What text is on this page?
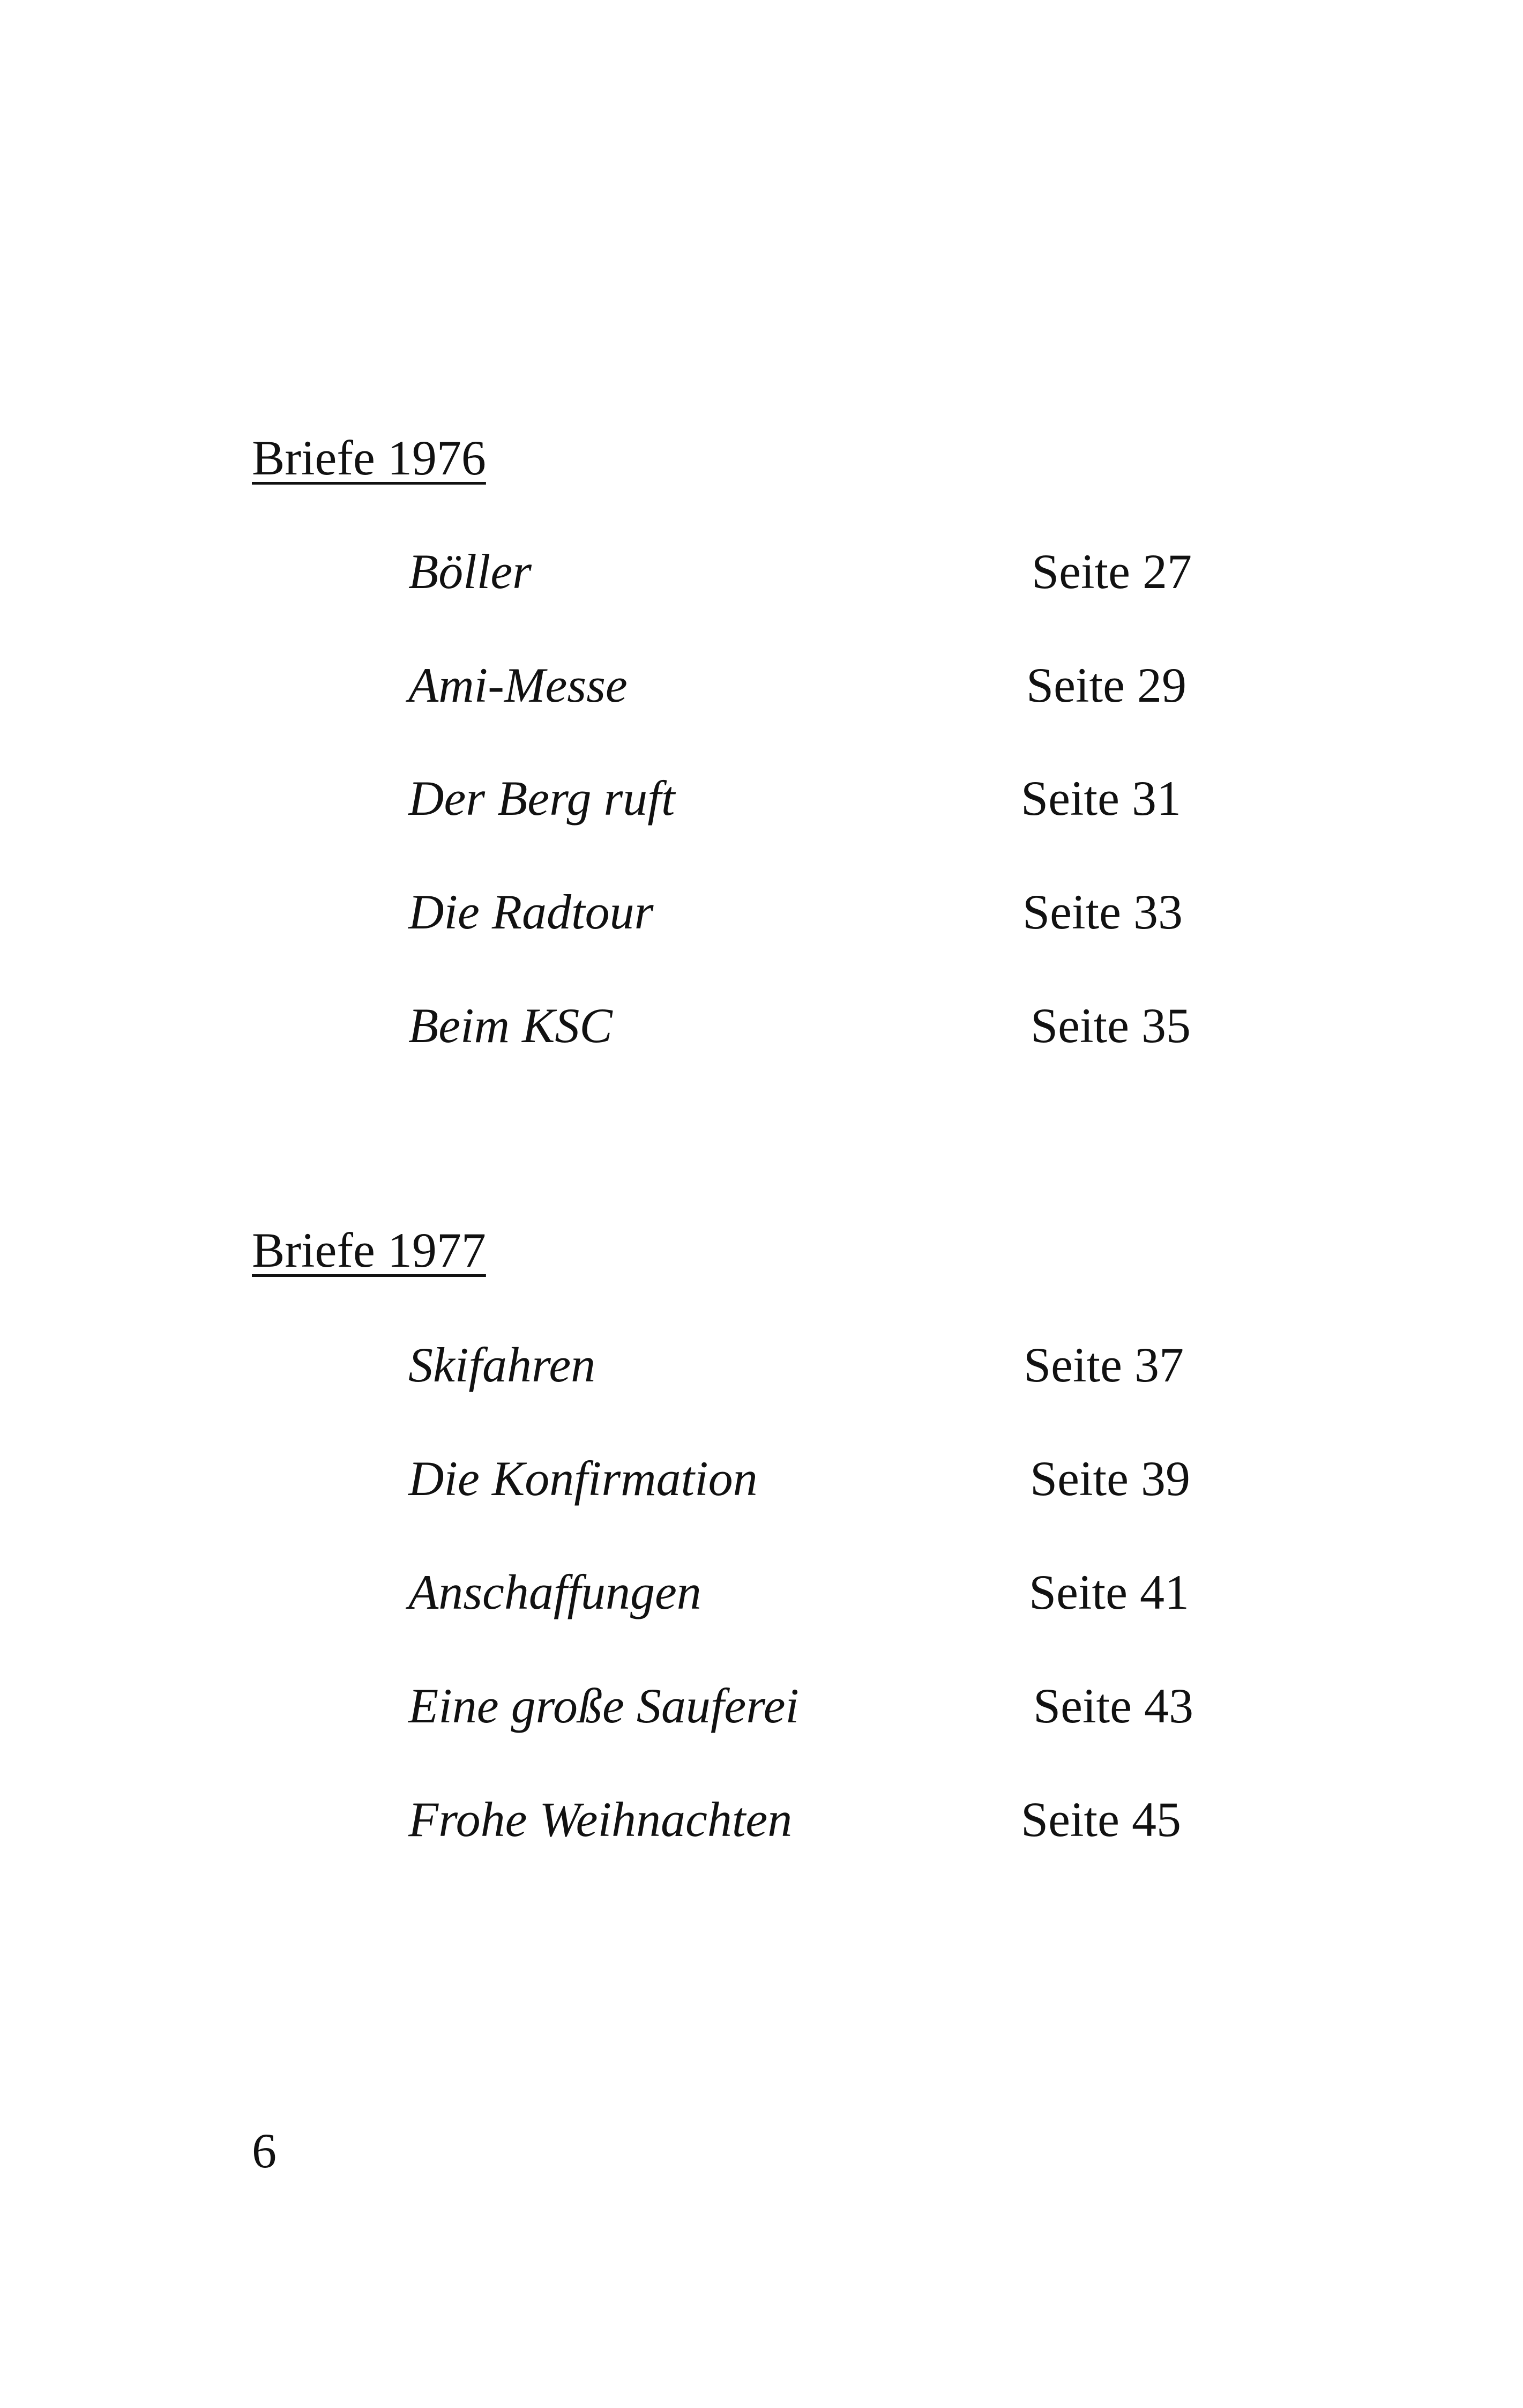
Briefe 1976
Böller	Seite 27
Ami-Messe	Seite 29
Der Berg ruft	Seite 31
Die Radtour	Seite 33
Beim KSC	Seite 35
Briefe 1977
Skifahren	Seite 37
Die Konfirmation	Seite 39
Anschaffungen	Seite 41
Eine große Sauferei	Seite 43
Frohe Weihnachten	Seite 45
6
